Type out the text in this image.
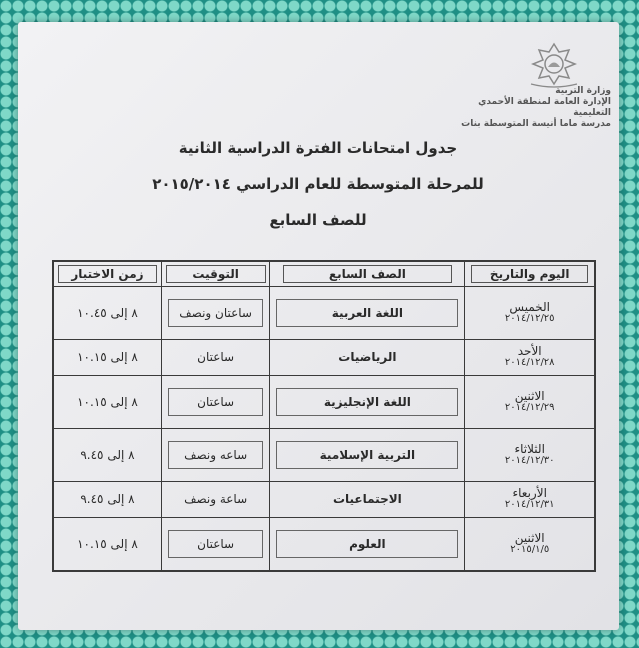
وزارة التربية
الإدارة العامة لمنطقة الأحمدي التعليمية
مدرسة ماما أنيسة المتوسطة بنات
جدول امتحانات الفترة الدراسية الثانية
للمرحلة المتوسطة للعام الدراسي ٢٠١٥/٢٠١٤
للصف السابع
اليوم والتاريخ	الصف السابع	التوقيت	زمن الاختبار

الخميس
٢٠١٤/١٢/٢٥	اللغة العربية	ساعتان ونصف	٨ إلى ١٠.٤٥

الأحد
٢٠١٤/١٢/٢٨	الرياضيات	ساعتان	٨ إلى ١٠.١٥

الاثنين
٢٠١٤/١٢/٢٩	اللغة الإنجليزية	ساعتان	٨ إلى ١٠.١٥

الثلاثاء
٢٠١٤/١٢/٣٠	التربية الإسلامية	ساعه ونصف	٨ إلى ٩.٤٥

الأربعاء
٢٠١٤/١٢/٣١	الاجتماعيات	ساعة ونصف	٨ إلى ٩.٤٥

الاثنين
٢٠١٥/١/٥	العلوم	ساعتان	٨ إلى ١٠.١٥
